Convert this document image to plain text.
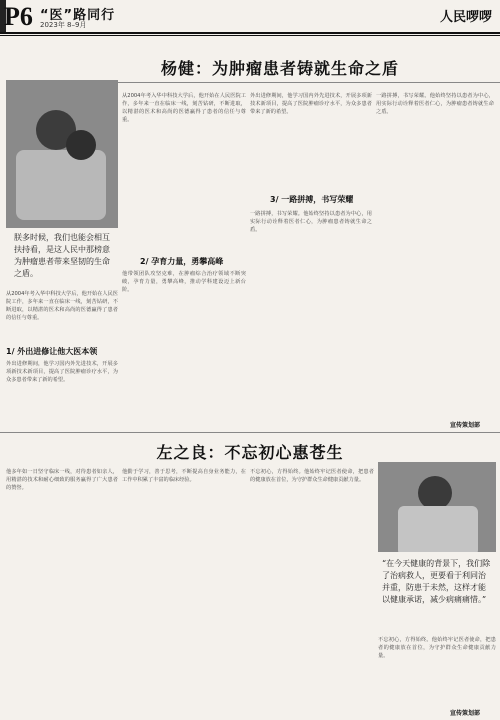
P6 “医”路同行
2023年 8–9月	人民啰啰
杨健：为肿瘤患者铸就生命之盾
朕多时候，我们也能会相互扶持看，是这人民中那榜意为肿瘤患者带来坚韧的生命之盾。
从2004年考入华中科技大学后，他开始在人民医院工作，多年来一直在临床一线，刻苦钻研，不断进取，以精湛的医术和高尚的医德赢得了患者的信任与尊重。
1/ 外出进修让他大医本领
外出进修期间，他学习国内外先进技术，开展多项新技术新项目，提高了医院肿瘤诊疗水平，为众多患者带来了新的希望。
从2004年考入华中科技大学后，他开始在人民医院工作，多年来一直在临床一线，刻苦钻研，不断进取，以精湛的医术和高尚的医德赢得了患者的信任与尊重。
2/ 孕育力量，勇攀高峰
他带领团队攻坚克难，在肿瘤综合治疗领域不断突破，孕育力量，勇攀高峰，推动学科建设迈上新台阶。
外出进修期间，他学习国内外先进技术，开展多项新技术新项目，提高了医院肿瘤诊疗水平，为众多患者带来了新的希望。
3/ 一路拼搏，书写荣耀
一路拼搏，书写荣耀。他始终坚持以患者为中心，用实际行动诠释着医者仁心，为肿瘤患者铸就生命之盾。
一路拼搏，书写荣耀。他始终坚持以患者为中心，用实际行动诠释着医者仁心，为肿瘤患者铸就生命之盾。
宣传策划部
左之良：不忘初心惠苍生
他多年如一日坚守临床一线，对待患者如亲人，用精湛的技术和耐心细致的服务赢得了广大患者的赞誉。
他勤于学习，善于思考，不断提高自身业务能力，在工作中积累了丰富的临床经验。
不忘初心，方得始终。他始终牢记医者使命，把患者的健康放在首位，为守护群众生命健康贡献力量。
“在今天健康的背景下，我们除了治病救人，更要看于利同治并重，防患于未然，这样才能以健康承诺，减少病痛痛惜。”
不忘初心，方得始终。他始终牢记医者使命，把患者的健康放在首位，为守护群众生命健康贡献力量。
宣传策划部
